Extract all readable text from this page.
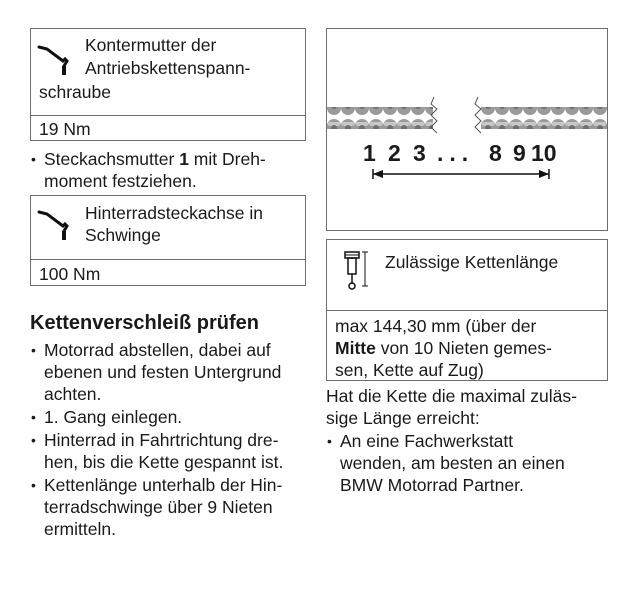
Kontermutter der
Antriebskettenspann-
schraube
19 Nm
• Steckachsmutter 1 mit Dreh-
moment festziehen.
Hinterradsteckachse in
Schwinge
100 Nm
Kettenverschleiß prüfen
• Motorrad abstellen, dabei auf
ebenen und festen Untergrund
achten.
• 1. Gang einlegen.
• Hinterrad in Fahrtrichtung dre-
hen, bis die Kette gespannt ist.
• Kettenlänge unterhalb der Hin-
terradschwinge über 9 Nieten
ermitteln.
1 2 3 ... 8 9 10
Zulässige Kettenlänge
max 144,30 mm (über der
Mitte von 10 Nieten gemes-
sen, Kette auf Zug)
Hat die Kette die maximal zuläs-
sige Länge erreicht:
• An eine Fachwerkstatt
wenden, am besten an einen
BMW Motorrad Partner.
